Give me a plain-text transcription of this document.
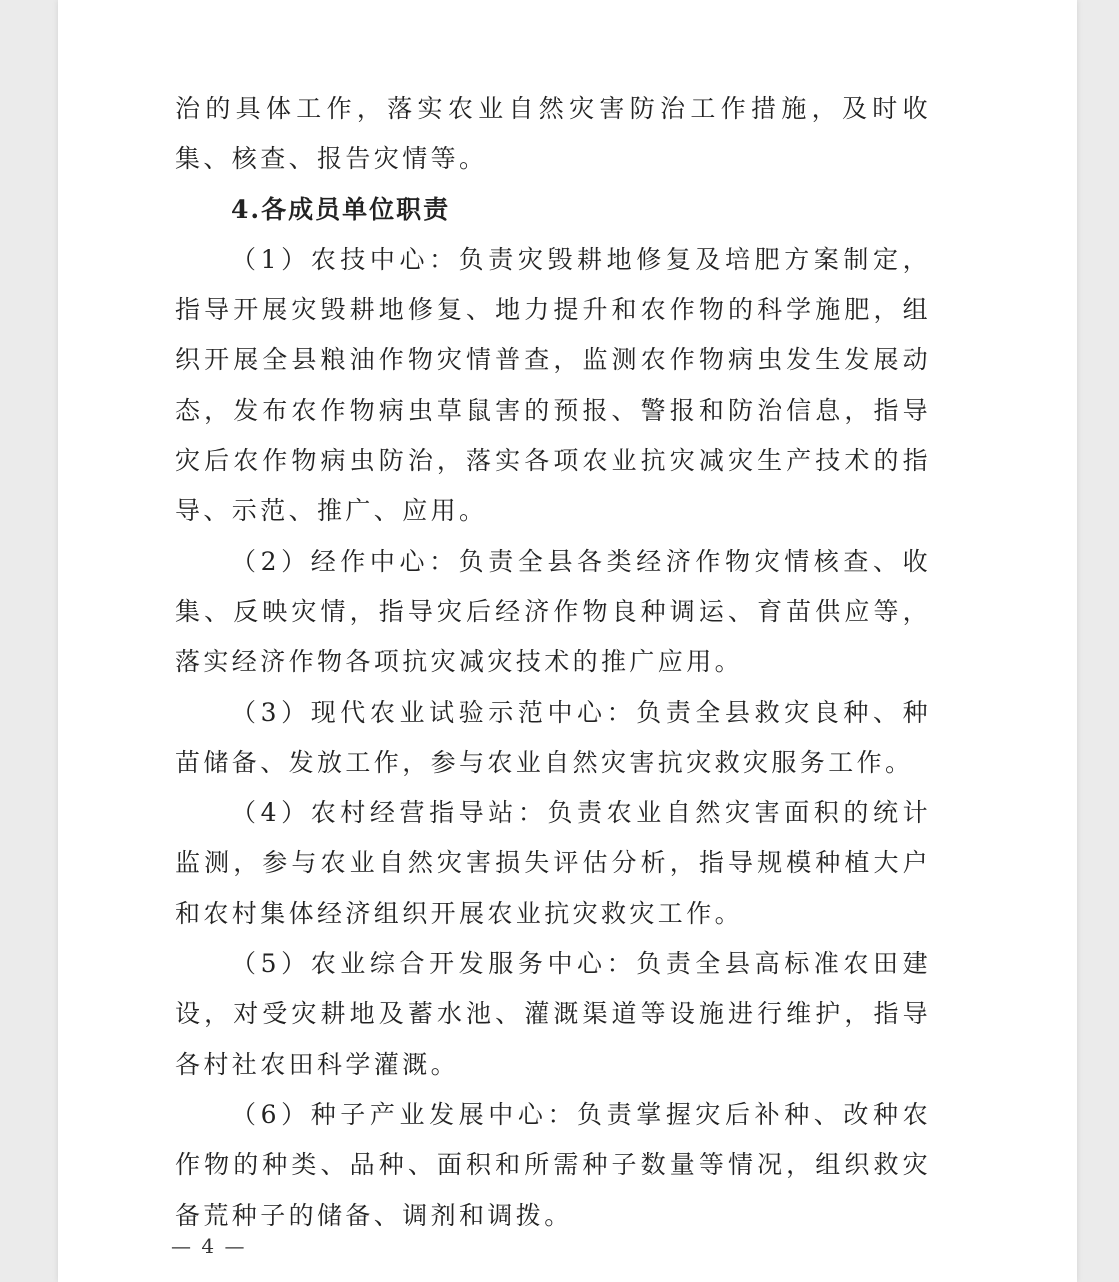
治的具体工作，落实农业自然灾害防治工作措施，及时收集、核查、报告灾情等。

4.各成员单位职责

（1）农技中心：负责灾毁耕地修复及培肥方案制定，指导开展灾毁耕地修复、地力提升和农作物的科学施肥，组织开展全县粮油作物灾情普查，监测农作物病虫发生发展动态，发布农作物病虫草鼠害的预报、警报和防治信息，指导灾后农作物病虫防治，落实各项农业抗灾减灾生产技术的指导、示范、推广、应用。

（2）经作中心：负责全县各类经济作物灾情核查、收集、反映灾情，指导灾后经济作物良种调运、育苗供应等，落实经济作物各项抗灾减灾技术的推广应用。

（3）现代农业试验示范中心：负责全县救灾良种、种苗储备、发放工作，参与农业自然灾害抗灾救灾服务工作。

（4）农村经营指导站：负责农业自然灾害面积的统计监测，参与农业自然灾害损失评估分析，指导规模种植大户和农村集体经济组织开展农业抗灾救灾工作。

（5）农业综合开发服务中心：负责全县高标准农田建设，对受灾耕地及蓄水池、灌溉渠道等设施进行维护，指导各村社农田科学灌溉。

（6）种子产业发展中心：负责掌握灾后补种、改种农作物的种类、品种、面积和所需种子数量等情况，组织救灾备荒种子的储备、调剂和调拨。

— 4 —
